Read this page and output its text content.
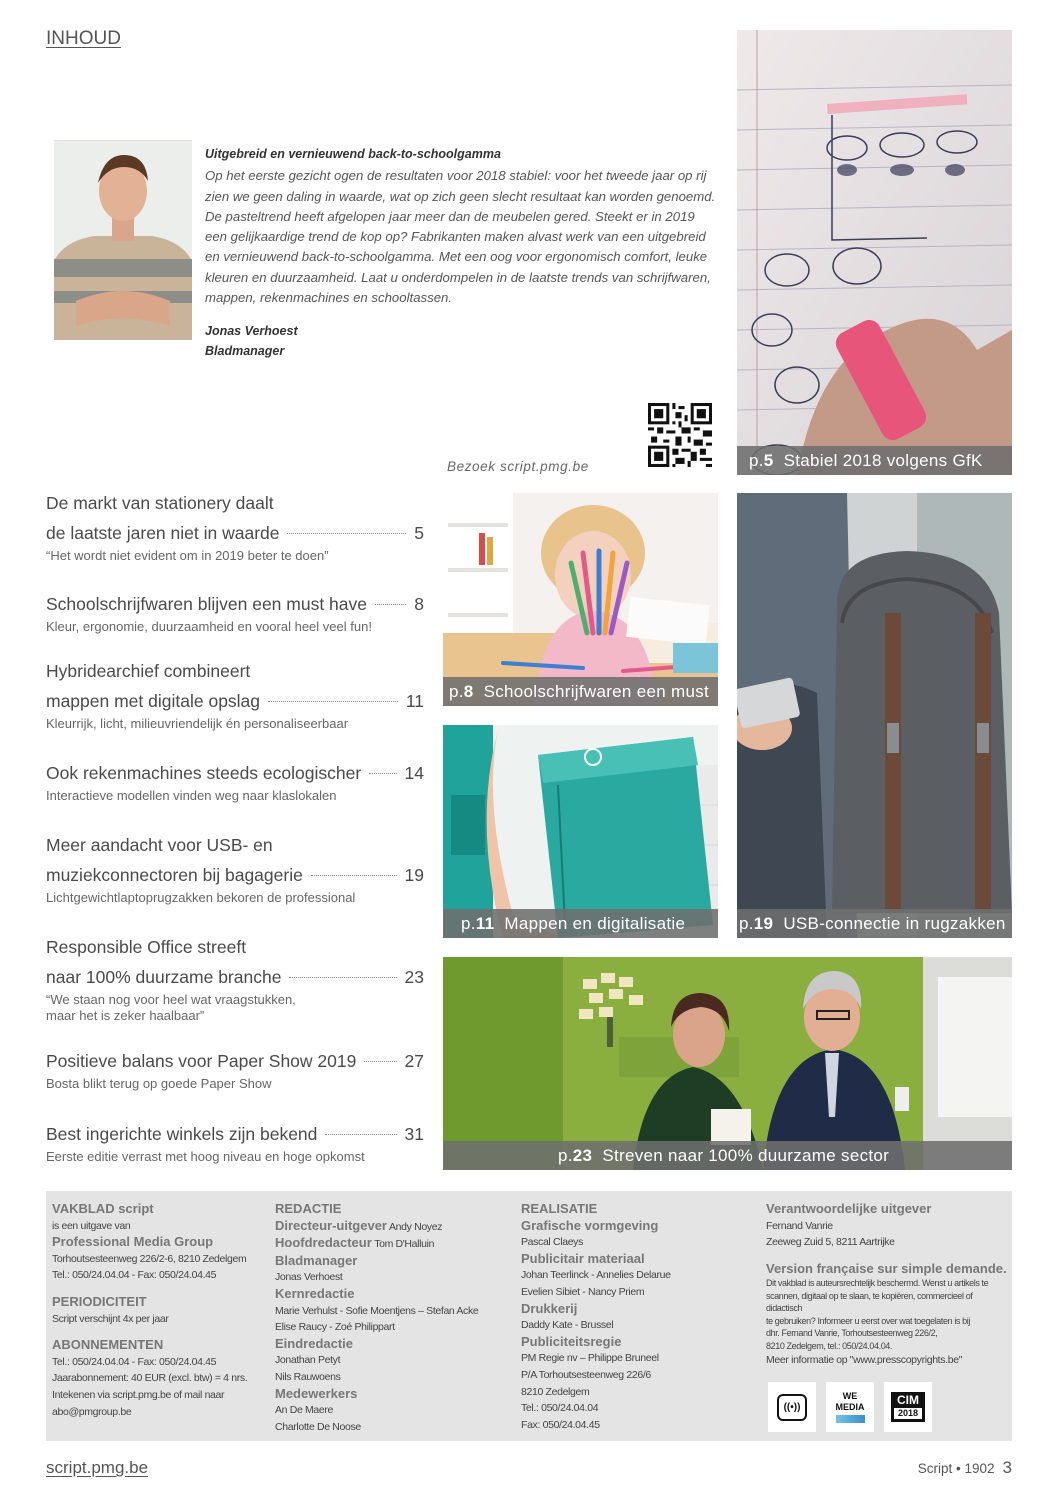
INHOUD
Uitgebreid en vernieuwend back-to-schoolgamma
Op het eerste gezicht ogen de resultaten voor 2018 stabiel: voor het tweede jaar op rij zien we geen daling in waarde, wat op zich geen slecht resultaat kan worden genoemd. De pasteltrend heeft afgelopen jaar meer dan de meubelen gered. Steekt er in 2019 een gelijkaardige trend de kop op? Fabrikanten maken alvast werk van een uitgebreid en vernieuwend back-to-schoolgamma. Met een oog voor ergonomisch comfort, leuke kleuren en duurzaamheid. Laat u onderdompelen in de laatste trends van schrijfwaren, mappen, rekenmachines en schooltassen.
Jonas Verhoest
Bladmanager
Bezoek script.pmg.be	p.5 Stabiel 2018 volgens GfK
p.8 Schoolschrijfwaren een must
p.11 Mappen en digitalisatie	p.19 USB-connectie in rugzakken
p.23 Streven naar 100% duurzame sector
De markt van stationery daalt
de laatste jaren niet in waarde	5
“Het wordt niet evident om in 2019 beter te doen”
Schoolschrijfwaren blijven een must have	8
Kleur, ergonomie, duurzaamheid en vooral heel veel fun!
Hybridearchief combineert
mappen met digitale opslag	11
Kleurrijk, licht, milieuvriendelijk én personaliseerbaar
Ook rekenmachines steeds ecologischer 14
Interactieve modellen vinden weg naar klaslokalen
Meer aandacht voor USB- en
muziekconnectoren bij bagagerie	19
Lichtgewichtlaptoprugzakken bekoren de professional
Responsible Office streeft
naar 100% duurzame branche	23
“We staan nog voor heel wat vraagstukken,
maar het is zeker haalbaar”
Positieve balans voor Paper Show 2019	27
Bosta blikt terug op goede Paper Show
Best ingerichte winkels zijn bekend	31
Eerste editie verrast met hoog niveau en hoge opkomst
VAKBLAD script
is een uitgave van
Professional Media Group
Torhoutsesteenweg 226/2-6, 8210 Zedelgem
Tel.: 050/24.04.04 - Fax: 050/24.04.45
PERIODICITEIT
Script verschijnt 4x per jaar
ABONNEMENTEN
Tel.: 050/24.04.04 - Fax: 050/24.04.45
Jaarabonnement: 40 EUR (excl. btw) = 4 nrs.
Intekenen via script.pmg.be of mail naar
abo@pmgroup.be
REDACTIE
Directeur-uitgever Andy Noyez
Hoofdredacteur Tom D'Halluin
Bladmanager
Jonas Verhoest
Kernredactie
Marie Verhulst - Sofie Moentjens – Stefan Acke
Elise Raucy - Zoé Philippart
Eindredactie
Jonathan Petyt
Nils Rauwoens
Medewerkers
An De Maere
Charlotte De Noose
REALISATIE
Grafische vormgeving
Pascal Claeys
Publicitair materiaal
Johan Teerlinck - Annelies Delarue
Evelien Sibiet - Nancy Priem
Drukkerij
Daddy Kate - Brussel
Publiciteitsregie
PM Regie nv – Philippe Bruneel
P/A Torhoutsesteenweg 226/6
8210 Zedelgem
Tel.: 050/24.04.04
Fax: 050/24.04.45
Verantwoordelijke uitgever
Fernand Vanrie
Zeeweg Zuid 5, 8211 Aartrijke
Version française sur simple demande.
Dit vakblad is auteursrechtelijk beschermd. Wenst u artikels te
scannen, digitaal op te slaan, te kopiëren, commercieel of didactisch
te gebruiken? Informeer u eerst over wat toegelaten is bij
dhr. Fernand Vanrie, Torhoutsesteenweg 226/2,
8210 Zedelgem, tel.: 050/24.04.04.
Meer informatie op "www.presscopyrights.be"
((•))
WE
MEDIA	CIM
2018
script.pmg.be	Script • 1902 3
